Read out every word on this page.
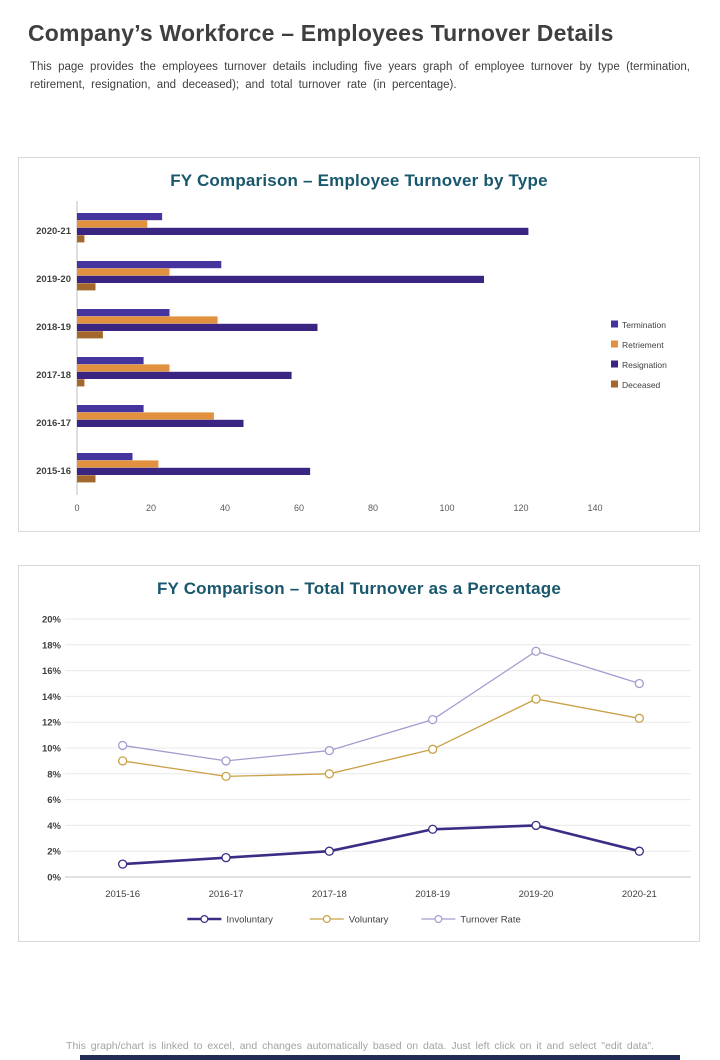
Company’s Workforce – Employees Turnover Details

This page provides the employees turnover details including five years graph of employee turnover by type (termination, retirement, resignation, and deceased); and total turnover rate (in percentage).

FY Comparison – Employee Turnover by Type
2020-21
2019-20
2018-19
2017-18
2016-17
2015-16
0	20	40	60	80	100	120	140
Termination
Retriement
Resignation
Deceased
FY Comparison – Total Turnover as a Percentage
0%
2%
4%
6%
8%
10%
12%
14%
16%
18%
20%
2015-16	2016-17	2017-18	2018-19	2019-20	2020-21
Involuntary	Voluntary	Turnover Rate
This graph/chart is linked to excel, and changes automatically based on data. Just left click on it and select "edit data".
